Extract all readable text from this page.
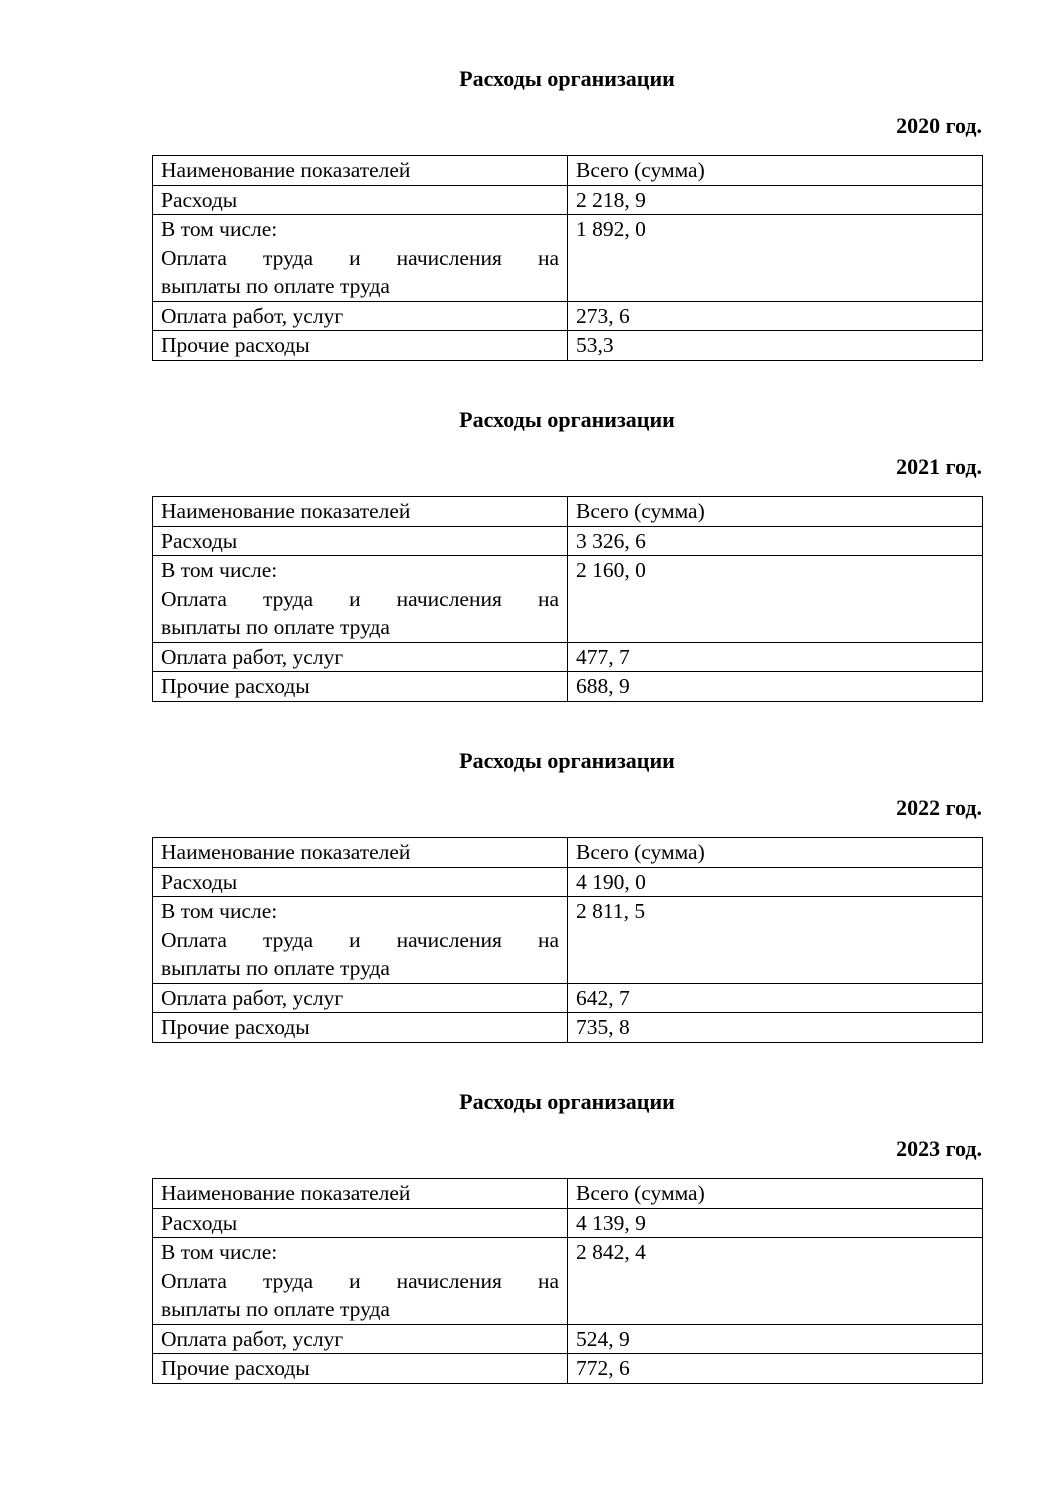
Расходы организации
2020 год.
Наименование показателей	Всего (сумма)
Расходы	2 218, 9

В том числе:
Оплата труда и начисления на
выплаты по оплате труда	1 892, 0
Оплата работ, услуг	273, 6
Прочие расходы	53,3
Расходы организации
2021 год.
Наименование показателей	Всего (сумма)
Расходы	3 326, 6

В том числе:
Оплата труда и начисления на
выплаты по оплате труда	2 160, 0
Оплата работ, услуг	477, 7
Прочие расходы	688, 9
Расходы организации
2022 год.
Наименование показателей	Всего (сумма)
Расходы	4 190, 0

В том числе:
Оплата труда и начисления на
выплаты по оплате труда	2 811, 5
Оплата работ, услуг	642, 7
Прочие расходы	735, 8
Расходы организации
2023 год.
Наименование показателей	Всего (сумма)
Расходы	4 139, 9

В том числе:
Оплата труда и начисления на
выплаты по оплате труда	2 842, 4
Оплата работ, услуг	524, 9
Прочие расходы	772, 6
